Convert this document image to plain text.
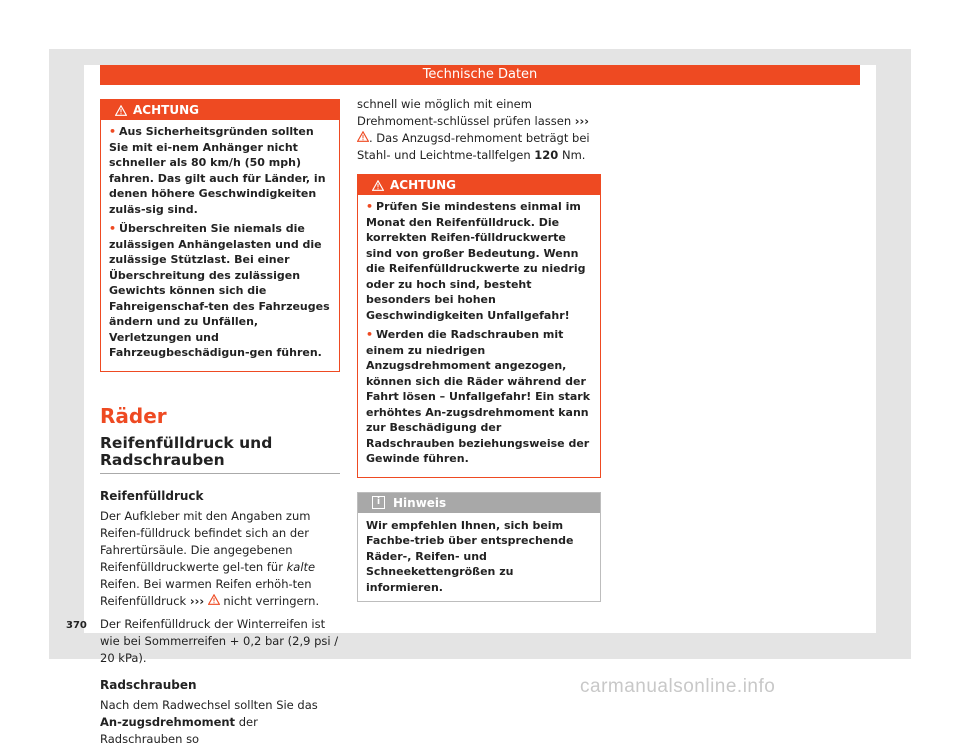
Technische Daten
ACHTUNG

• Aus Sicherheitsgründen sollten Sie mit ei-nem Anhänger nicht schneller als 80 km/h (50 mph) fahren. Das gilt auch für Länder, in denen höhere Geschwindigkeiten zuläs-sig sind.

• Überschreiten Sie niemals die zulässigen Anhängelasten und die zulässige Stützlast. Bei einer Überschreitung des zulässigen Gewichts können sich die Fahreigenschaf-ten des Fahrzeuges ändern und zu Unfällen, Verletzungen und Fahrzeugbeschädigun-gen führen.

Räder

Reifenfülldruck und Radschrauben

Reifenfülldruck

Der Aufkleber mit den Angaben zum Reifen-fülldruck befindet sich an der Fahrertürsäule. Die angegebenen Reifenfülldruckwerte gel-ten für kalte Reifen. Bei warmen Reifen erhöh-ten Reifenfülldruck ›››  nicht verringern.

Der Reifenfülldruck der Winterreifen ist wie bei Sommerreifen + 0,2 bar (2,9 psi / 20 kPa).

Radschrauben

Nach dem Radwechsel sollten Sie das An-zugsdrehmoment der Radschrauben so

schnell wie möglich mit einem Drehmoment-schlüssel prüfen lassen ››› . Das Anzugsd-rehmoment beträgt bei Stahl- und Leichtme-tallfelgen 120 Nm.

ACHTUNG

• Prüfen Sie mindestens einmal im Monat den Reifenfülldruck. Die korrekten Reifen-fülldruckwerte sind von großer Bedeutung. Wenn die Reifenfülldruckwerte zu niedrig oder zu hoch sind, besteht besonders bei hohen Geschwindigkeiten Unfallgefahr!

• Werden die Radschrauben mit einem zu niedrigen Anzugsdrehmoment angezogen, können sich die Räder während der Fahrt lösen – Unfallgefahr! Ein stark erhöhtes An-zugsdrehmoment kann zur Beschädigung der Radschrauben beziehungsweise der Gewinde führen.

i	Hinweis
Wir empfehlen Ihnen, sich beim Fachbe-trieb über entsprechende Räder-, Reifen- und Schneekettengrößen zu informieren.
370
carmanualsonline.info
